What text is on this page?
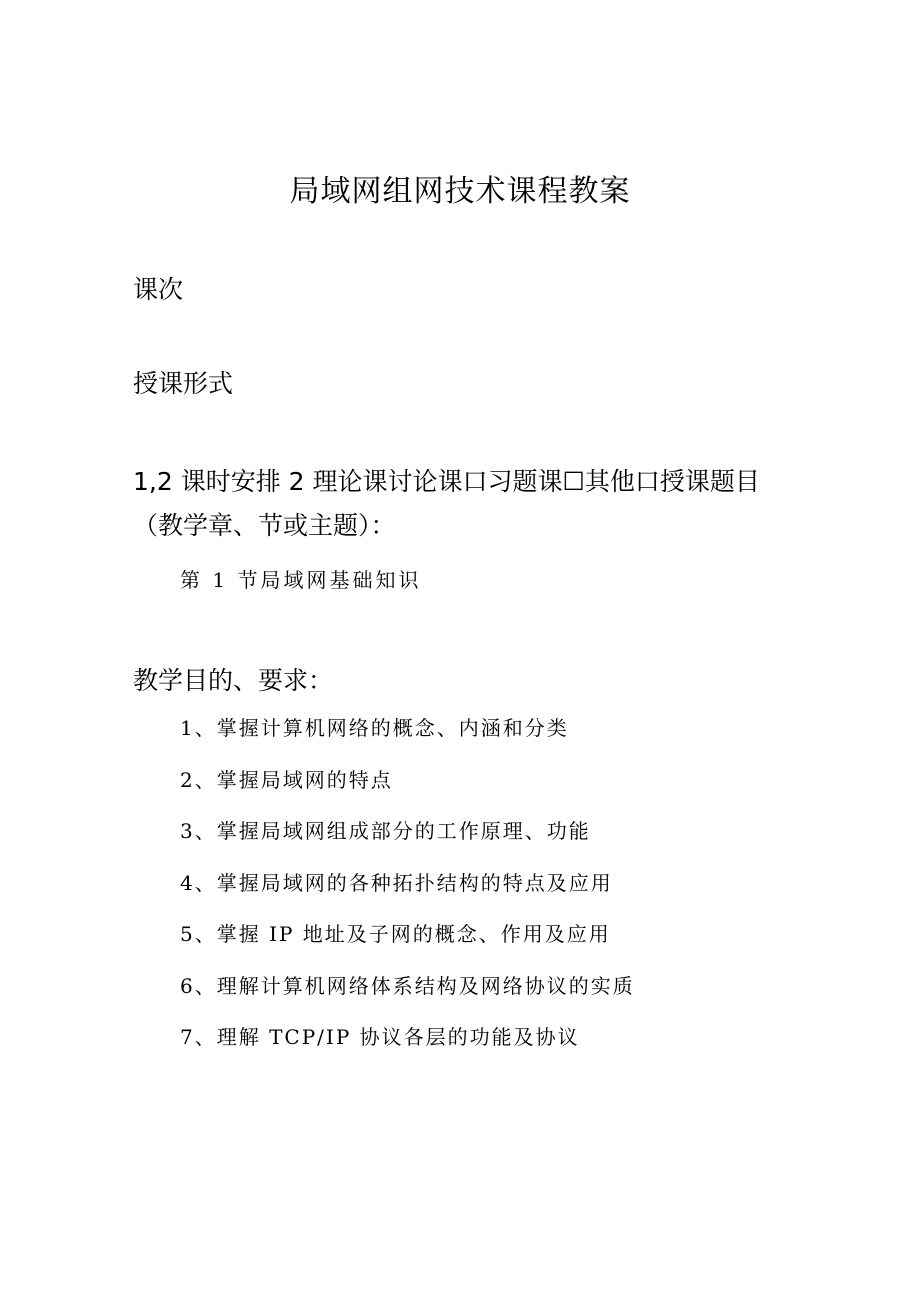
局域网组网技术课程教案
课次
授课形式
1,2 课时安排 2 理论课讨论课口习题课☐其他口授课题目
（教学章、节或主题）：
第 1 节局域网基础知识
教学目的、要求：
1、掌握计算机网络的概念、内涵和分类
2、掌握局域网的特点
3、掌握局域网组成部分的工作原理、功能
4、掌握局域网的各种拓扑结构的特点及应用
5、掌握 IP 地址及子网的概念、作用及应用
6、理解计算机网络体系结构及网络协议的实质
7、理解 TCP/IP 协议各层的功能及协议
